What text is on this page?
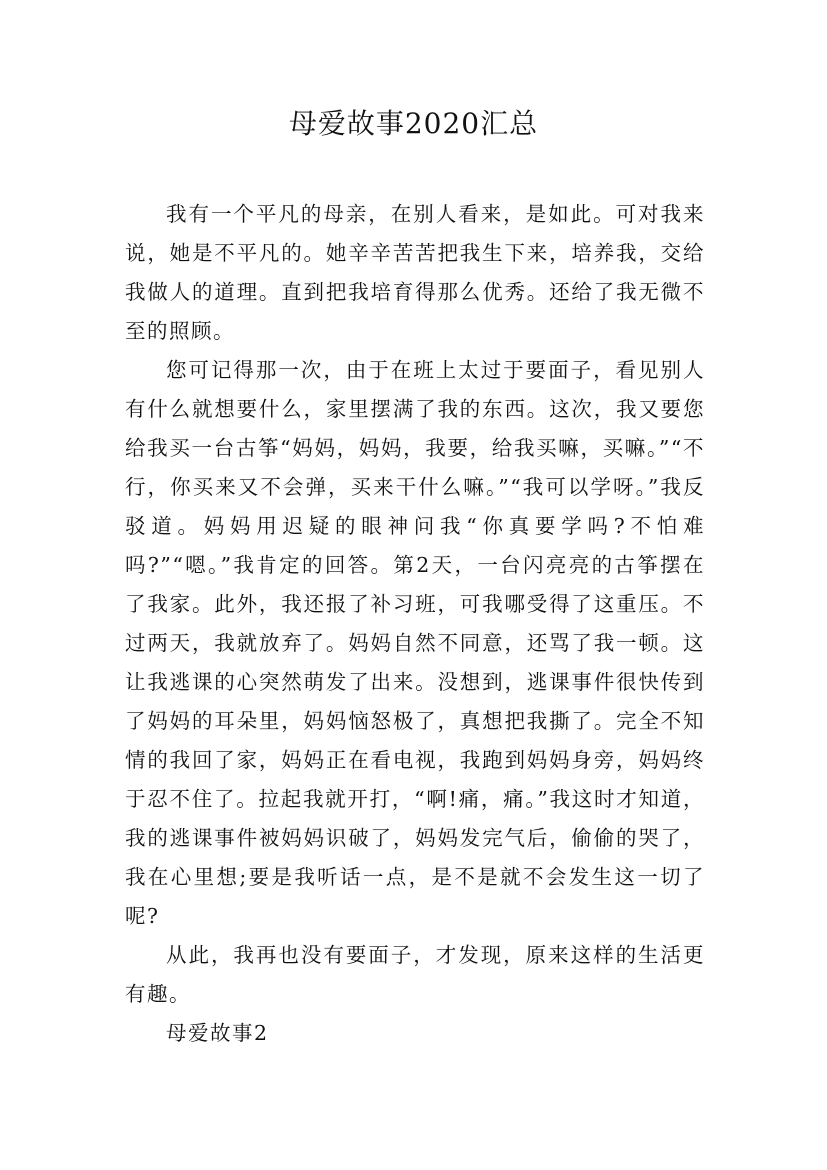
母爱故事2020汇总

我有一个平凡的母亲，在别人看来，是如此。可对我来说，她是不平凡的。她辛辛苦苦把我生下来，培养我，交给我做人的道理。直到把我培育得那么优秀。还给了我无微不至的照顾。

您可记得那一次，由于在班上太过于要面子，看见别人有什么就想要什么，家里摆满了我的东西。这次，我又要您给我买一台古筝“妈妈，妈妈，我要，给我买嘛，买嘛。”“不行，你买来又不会弹，买来干什么嘛。”“我可以学呀。”我反驳道。妈妈用迟疑的眼神问我“你真要学吗?不怕难吗?”“嗯。”我肯定的回答。第2天，一台闪亮亮的古筝摆在了我家。此外，我还报了补习班，可我哪受得了这重压。不过两天，我就放弃了。妈妈自然不同意，还骂了我一顿。这让我逃课的心突然萌发了出来。没想到，逃课事件很快传到了妈妈的耳朵里，妈妈恼怒极了，真想把我撕了。完全不知情的我回了家，妈妈正在看电视，我跑到妈妈身旁，妈妈终于忍不住了。拉起我就开打，“啊!痛，痛。”我这时才知道，我的逃课事件被妈妈识破了，妈妈发完气后，偷偷的哭了，我在心里想;要是我听话一点，是不是就不会发生这一切了呢?

从此，我再也没有要面子，才发现，原来这样的生活更有趣。

母爱故事2
